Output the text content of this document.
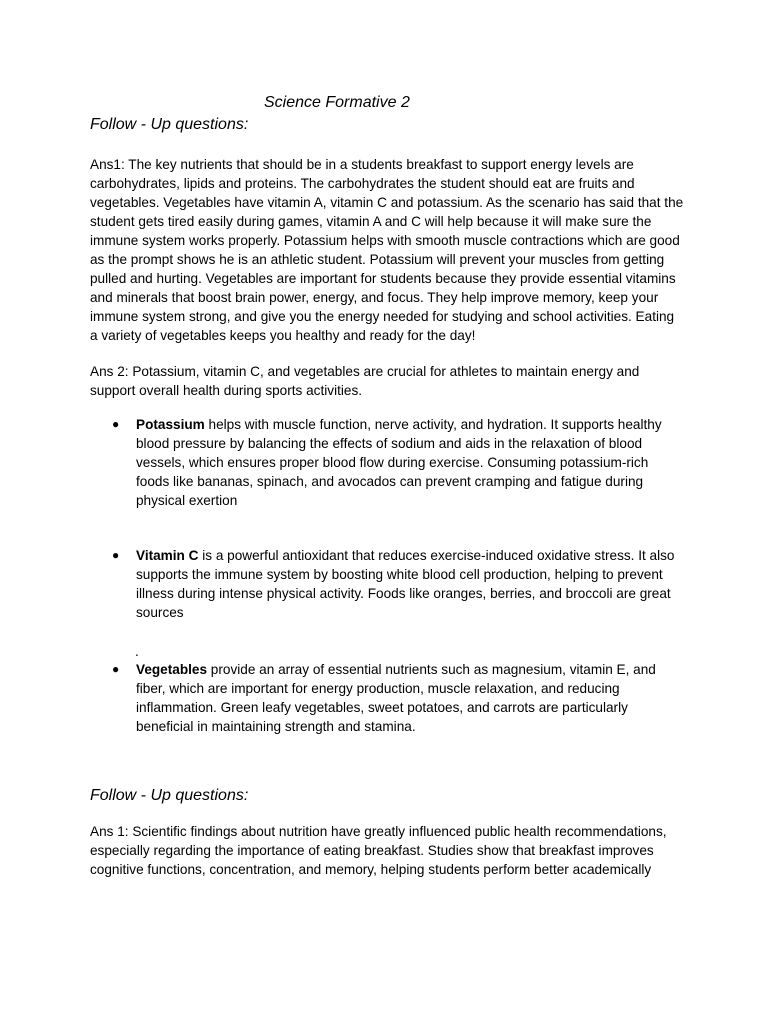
Science Formative 2
Follow - Up questions:

Ans1: The key nutrients that should be in a students breakfast to support energy levels are carbohydrates, lipids and proteins. The carbohydrates the student should eat are fruits and vegetables. Vegetables have vitamin A, vitamin C and potassium. As the scenario has said that the student gets tired easily during games, vitamin A and C will help because it will make sure the immune system works properly. Potassium helps with smooth muscle contractions which are good as the prompt shows he is an athletic student. Potassium will prevent your muscles from getting pulled and hurting. Vegetables are important for students because they provide essential vitamins and minerals that boost brain power, energy, and focus. They help improve memory, keep your immune system strong, and give you the energy needed for studying and school activities. Eating a variety of vegetables keeps you healthy and ready for the day!

Ans 2: Potassium, vitamin C, and vegetables are crucial for athletes to maintain energy and support overall health during sports activities.

● Potassium helps with muscle function, nerve activity, and hydration. It supports healthy blood pressure by balancing the effects of sodium and aids in the relaxation of blood vessels, which ensures proper blood flow during exercise. Consuming potassium-rich foods like bananas, spinach, and avocados can prevent cramping and fatigue during physical exertion
● Vitamin C is a powerful antioxidant that reduces exercise-induced oxidative stress. It also supports the immune system by boosting white blood cell production, helping to prevent illness during intense physical activity. Foods like oranges, berries, and broccoli are great sources
.
● Vegetables provide an array of essential nutrients such as magnesium, vitamin E, and fiber, which are important for energy production, muscle relaxation, and reducing inflammation. Green leafy vegetables, sweet potatoes, and carrots are particularly beneficial in maintaining strength and stamina.
Follow - Up questions:

Ans 1: Scientific findings about nutrition have greatly influenced public health recommendations, especially regarding the importance of eating breakfast. Studies show that breakfast improves cognitive functions, concentration, and memory, helping students perform better academically
